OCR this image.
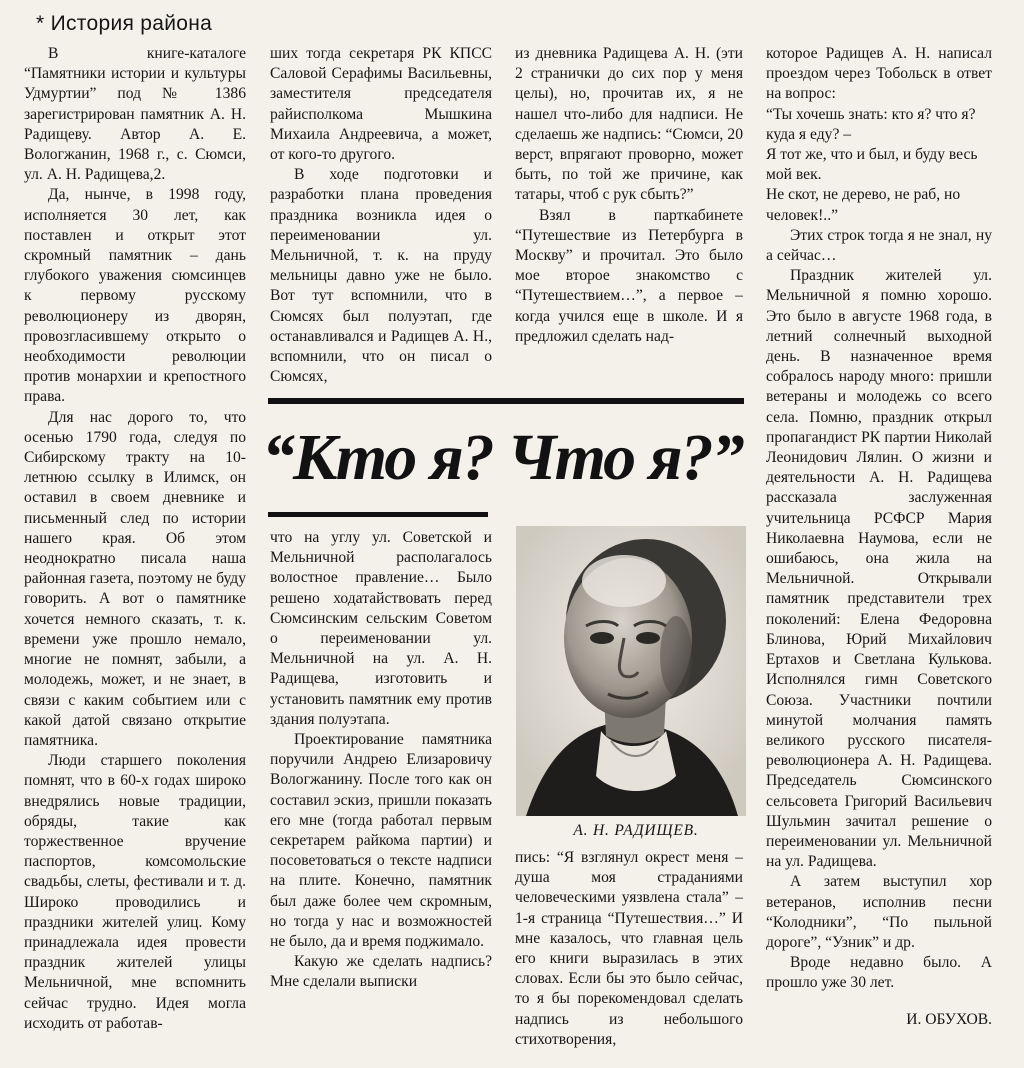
* История района

В книге-каталоге “Памятники истории и культуры Удмуртии” под № 1386 зарегистрирован памятник А. Н. Радищеву. Автор А. Е. Вологжанин, 1968 г., с. Сюмси, ул. А. Н. Радищева,2.

Да, нынче, в 1998 году, исполняется 30 лет, как поставлен и открыт этот скромный памятник – дань глубокого уважения сюмсинцев к первому русскому революционеру из дворян, провозгласившему открыто о необходимости революции против монархии и крепостного права.

Для нас дорого то, что осенью 1790 года, следуя по Сибирскому тракту на 10-летнюю ссылку в Илимск, он оставил в своем дневнике и письменный след по истории нашего края. Об этом неоднократно писала наша районная газета, поэтому не буду говорить. А вот о памятнике хочется немного сказать, т. к. времени уже прошло немало, многие не помнят, забыли, а молодежь, может, и не знает, в связи с каким событием или с какой датой связано открытие памятника.

Люди старшего поколения помнят, что в 60-х годах широко внедрялись новые традиции, обряды, такие как торжественное вручение паспортов, комсомольские свадьбы, слеты, фестивали и т. д. Широко проводились и праздники жителей улиц. Кому принадлежала идея провести праздник жителей улицы Мельничной, мне вспомнить сейчас трудно. Идея могла исходить от работав-

ших тогда секретаря РК КПСС Саловой Серафимы Васильевны, заместителя председателя райисполкома Мышкина Михаила Андреевича, а может, от кого-то другого.

В ходе подготовки и разработки плана проведения праздника возникла идея о переименовании ул. Мельничной, т. к. на пруду мельницы давно уже не было. Вот тут вспомнили, что в Сюмсях был полуэтап, где останавливался и Радищев А. Н., вспомнили, что он писал о Сюмсях,

из дневника Радищева А. Н. (эти 2 странички до сих пор у меня целы), но, прочитав их, я не нашел что-либо для надписи. Не сделаешь же надпись: “Сюмси, 20 верст, впрягают проворно, может быть, по той же причине, как татары, чтоб с рук сбыть?”

Взял в парткабинете “Путешествие из Петербурга в Москву” и прочитал. Это было мое второе знакомство с “Путешествием…”, а первое – когда учился еще в школе. И я предложил сделать над-

“Кто я? Что я?”

что на углу ул. Советской и Мельничной располагалось волостное правление… Было решено ходатайствовать перед Сюмсинским сельским Советом о переименовании ул. Мельничной на ул. А. Н. Радищева, изготовить и установить памятник ему против здания полуэтапа.

Проектирование памятника поручили Андрею Елизаровичу Вологжанину. После того как он составил эскиз, пришли показать его мне (тогда работал первым секретарем райкома партии) и посоветоваться о тексте надписи на плите. Конечно, памятник был даже более чем скромным, но тогда у нас и возможностей не было, да и время поджимало.

Какую же сделать надпись? Мне сделали выписки

А. Н. РАДИЩЕВ.

пись: “Я взглянул окрест меня – душа моя страданиями человеческими уязвлена стала” – 1-я страница “Путешествия…” И мне казалось, что главная цель его книги выразилась в этих словах. Если бы это было сейчас, то я бы порекомендовал сделать надпись из небольшого стихотворения,

которое Радищев А. Н. написал проездом через Тобольск в ответ на вопрос:

“Ты хочешь знать: кто я? что я? куда я еду? –

Я тот же, что и был, и буду весь мой век.

Не скот, не дерево, не раб, но человек!..”

Этих строк тогда я не знал, ну а сейчас…

Праздник жителей ул. Мельничной я помню хорошо. Это было в августе 1968 года, в летний солнечный выходной день. В назначенное время собралось народу много: пришли ветераны и молодежь со всего села. Помню, праздник открыл пропагандист РК партии Николай Леонидович Лялин. О жизни и деятельности А. Н. Радищева рассказала заслуженная учительница РСФСР Мария Николаевна Наумова, если не ошибаюсь, она жила на Мельничной. Открывали памятник представители трех поколений: Елена Федоровна Блинова, Юрий Михайлович Ертахов и Светлана Кулькова. Исполнялся гимн Советского Союза. Участники почтили минутой молчания память великого русского писателя-революционера А. Н. Радищева. Председатель Сюмсинского сельсовета Григорий Васильевич Шульмин зачитал решение о переименовании ул. Мельничной на ул. Радищева.

А затем выступил хор ветеранов, исполнив песни “Колодники”, “По пыльной дороге”, “Узник” и др.

Вроде недавно было. А прошло уже 30 лет.

И. ОБУХОВ.
